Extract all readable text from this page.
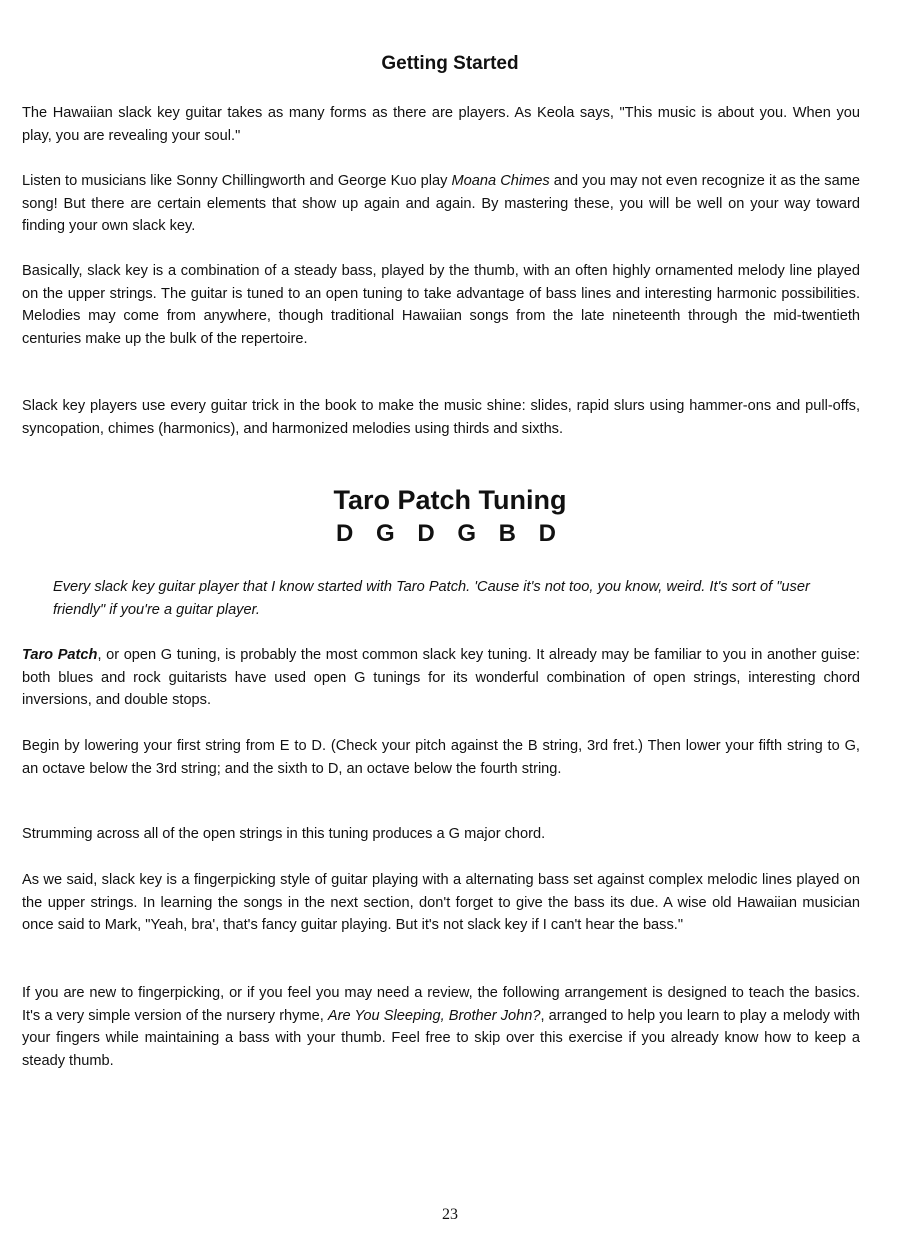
Getting Started

The Hawaiian slack key guitar takes as many forms as there are players. As Keola says, "This music is about you. When you play, you are revealing your soul."

Listen to musicians like Sonny Chillingworth and George Kuo play Moana Chimes and you may not even recognize it as the same song! But there are certain elements that show up again and again. By mastering these, you will be well on your way toward finding your own slack key.

Basically, slack key is a combination of a steady bass, played by the thumb, with an often highly ornamented melody line played on the upper strings. The guitar is tuned to an open tuning to take advantage of bass lines and interesting harmonic possibilities. Melodies may come from anywhere, though traditional Hawaiian songs from the late nineteenth through the mid-twentieth centuries make up the bulk of the repertoire.

Slack key players use every guitar trick in the book to make the music shine: slides, rapid slurs using hammer-ons and pull-offs, syncopation, chimes (harmonics), and harmonized melodies using thirds and sixths.

Taro Patch Tuning
D G D G B D

Every slack key guitar player that I know started with Taro Patch. 'Cause it's not too, you know, weird. It's sort of "user friendly" if you're a guitar player.

Taro Patch, or open G tuning, is probably the most common slack key tuning. It already may be familiar to you in another guise: both blues and rock guitarists have used open G tunings for its wonderful combination of open strings, interesting chord inversions, and double stops.

Begin by lowering your first string from E to D. (Check your pitch against the B string, 3rd fret.) Then lower your fifth string to G, an octave below the 3rd string; and the sixth to D, an octave below the fourth string.

Strumming across all of the open strings in this tuning produces a G major chord.

As we said, slack key is a fingerpicking style of guitar playing with a alternating bass set against complex melodic lines played on the upper strings. In learning the songs in the next section, don't forget to give the bass its due. A wise old Hawaiian musician once said to Mark, "Yeah, bra', that's fancy guitar playing. But it's not slack key if I can't hear the bass."

If you are new to fingerpicking, or if you feel you may need a review, the following arrangement is designed to teach the basics. It's a very simple version of the nursery rhyme, Are You Sleeping, Brother John?, arranged to help you learn to play a melody with your fingers while maintaining a bass with your thumb. Feel free to skip over this exercise if you already know how to keep a steady thumb.

23
